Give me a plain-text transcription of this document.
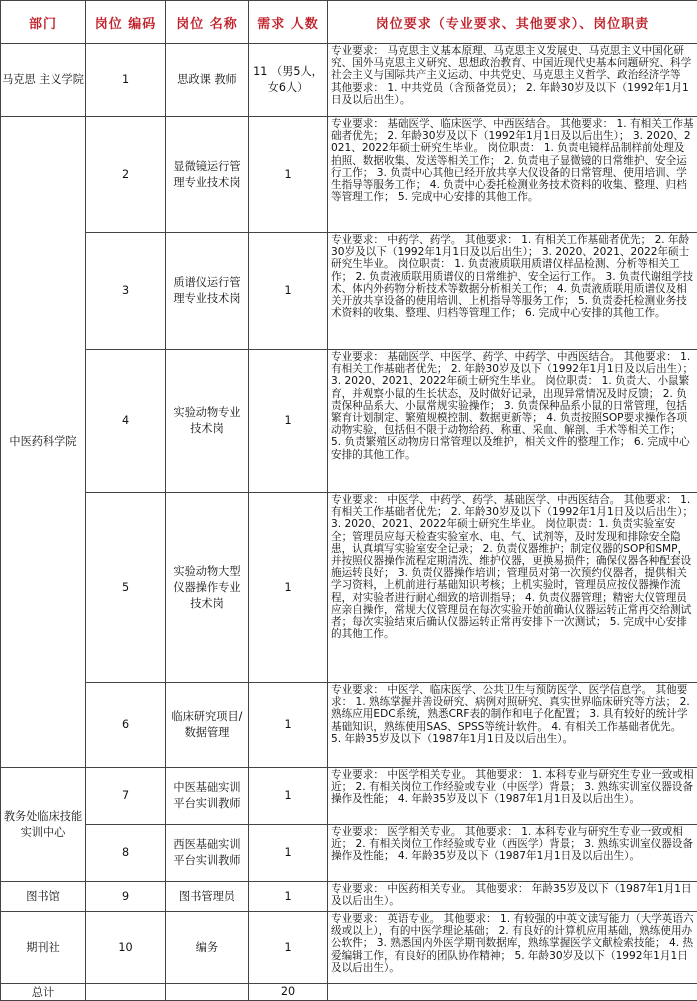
部门	岗位 编码	岗位 名称	需求 人数	岗位要求（专业要求、其他要求）、岗位职责
马克思 主义学院	1	思政课 教师	11 （男5人，女6人）	专业要求： 马克思主义基本原理、马克思主义发展史、马克思主义中国化研究、国外马克思主义研究、思想政治教育、中国近现代史基本问题研究、科学社会主义与国际共产主义运动、中共党史、马克思主义哲学、政治经济学等 其他要求： 1. 中共党员（含预备党员）； 2. 年龄30岁及以下（1992年1月1日及以后出生）。
中医药科学院	2	显微镜运行管理专业技术岗	1	专业要求： 基础医学、临床医学、中西医结合。 其他要求： 1. 有相关工作基础者优先； 2. 年龄30岁及以下（1992年1月1日及以后出生）； 3. 2020、2021、2022年硕士研究生毕业。 岗位职责： 1. 负责电镜样品制样前处理及拍照、数据收集、发送等相关工作； 2. 负责电子显微镜的日常维护、安全运行工作； 3. 负责中心其他已经开放共享大仪设备的日常管理、使用培训、学生指导等服务工作； 4. 负责中心委托检测业务技术资料的收集、整理、归档等管理工作； 5. 完成中心安排的其他工作。
	3	质谱仪运行管理专业技术岗	1	专业要求： 中药学、药学。 其他要求： 1. 有相关工作基础者优先； 2. 年龄30岁及以下（1992年1月1日及以后出生）； 3. 2020、2021、2022年硕士研究生毕业。 岗位职责： 1. 负责液质联用质谱仪样品检测、分析等相关工作； 2. 负责液质联用质谱仪的日常维护、安全运行工作。 3. 负责代谢组学技术、体内外药物分析技术等数据分析相关工作； 4. 负责液质联用质谱仪及相关开放共享设备的使用培训、上机指导等服务工作； 5. 负责委托检测业务技术资料的收集、整理、归档等管理工作； 6. 完成中心安排的其他工作。
	4	实验动物专业技术岗	1	专业要求： 基础医学、中医学、药学、中药学、中西医结合。 其他要求： 1. 有相关工作基础者优先； 2. 年龄30岁及以下（1992年1月1日及以后出生）； 3. 2020、2021、2022年硕士研究生毕业。 岗位职责： 1. 负责大、小鼠繁育，并观察小鼠的生长状态，及时做好记录，出现异常情况及时反馈； 2. 负责保种品系大、小鼠常规实验操作； 3. 负责保种品系小鼠的日常管理，包括繁育计划制定、繁殖规模控制、数据更新等； 4. 负责按照SOP要求操作各项动物实验，包括但不限于动物给药、称重、采血、解剖、手术等相关工作； 5. 负责繁殖区动物房日常管理以及维护，相关文件的整理工作； 6. 完成中心安排的其他工作。
	5	实验动物大型仪器操作专业技术岗	1	专业要求： 中医学、中药学、药学、基础医学、中西医结合。 其他要求： 1. 有相关工作基础者优先； 2. 年龄30岁及以下（1992年1月1日及以后出生）； 3. 2020、2021、2022年硕士研究生毕业。 岗位职责：1. 负责实验室安全；管理员应每天检查实验室水、电、气、试剂等，及时发现和排除安全隐患，认真填写实验室安全记录； 2. 负责仪器维护；制定仪器的SOP和SMP，并按照仪器操作流程定期清洗、维护仪器，更换易损件；确保仪器各种配套设施运转良好； 3. 负责仪器操作培训；管理员对第一次预约仪器者，提供相关学习资料，上机前进行基础知识考核；上机实验时，管理员应按仪器操作流程，对实验者进行耐心细致的培训指导； 4. 负责仪器管理；精密大仪管理员应亲自操作，常规大仪管理员在每次实验开始前确认仪器运转正常再交给测试者；每次实验结束后确认仪器运转正常再安排下一次测试； 5. 完成中心安排的其他工作。
	6	临床研究项目/数据管理	1	专业要求： 中医学、临床医学、公共卫生与预防医学、医学信息学。 其他要求： 1. 熟练掌握并善设研究、病例对照研究、真实世界临床研究等方法； 2. 熟练应用EDC系统，熟悉CRF表的制作和电子化配置； 3. 具有较好的统计学基础知识，熟练使用SAS、SPSS等统计软件。 4. 有相关工作基础者优先。 5. 年龄35岁及以下（1987年1月1日及以后出生）。
教务处临床技能实训中心	7	中医基础实训平台实训教师	1	专业要求： 中医学相关专业。 其他要求： 1. 本科专业与研究生专业一致或相近； 2. 有相关岗位工作经验或专业（中医学）背景； 3. 熟练实训室仪器设备操作及性能； 4. 年龄35岁及以下（1987年1月1日及以后出生）。
	8	西医基础实训平台实训教师	1	专业要求： 医学相关专业。 其他要求： 1. 本科专业与研究生专业一致或相近； 2. 有相关岗位工作经验或专业（西医学）背景； 3. 熟练实训室仪器设备操作及性能； 4. 年龄35岁及以下（1987年1月1日及以后出生）。
图书馆	9	图书管理员	1	专业要求： 中医药相关专业。 其他要求： 年龄35岁及以下（1987年1月1日及以后出生）。
期刊社	10	编务	1	专业要求： 英语专业。 其他要求： 1. 有较强的中英文读写能力（大学英语六级或以上），有的中医学理论基础； 2. 有良好的计算机应用基础，熟练使用办公软件； 3. 熟悉国内外医学期刊数据库，熟练掌握医学文献检索技能； 4. 热爱编辑工作，有良好的团队协作精神； 5. 年龄30岁及以下（1992年1月1日及以后出生）。
总计			20	
